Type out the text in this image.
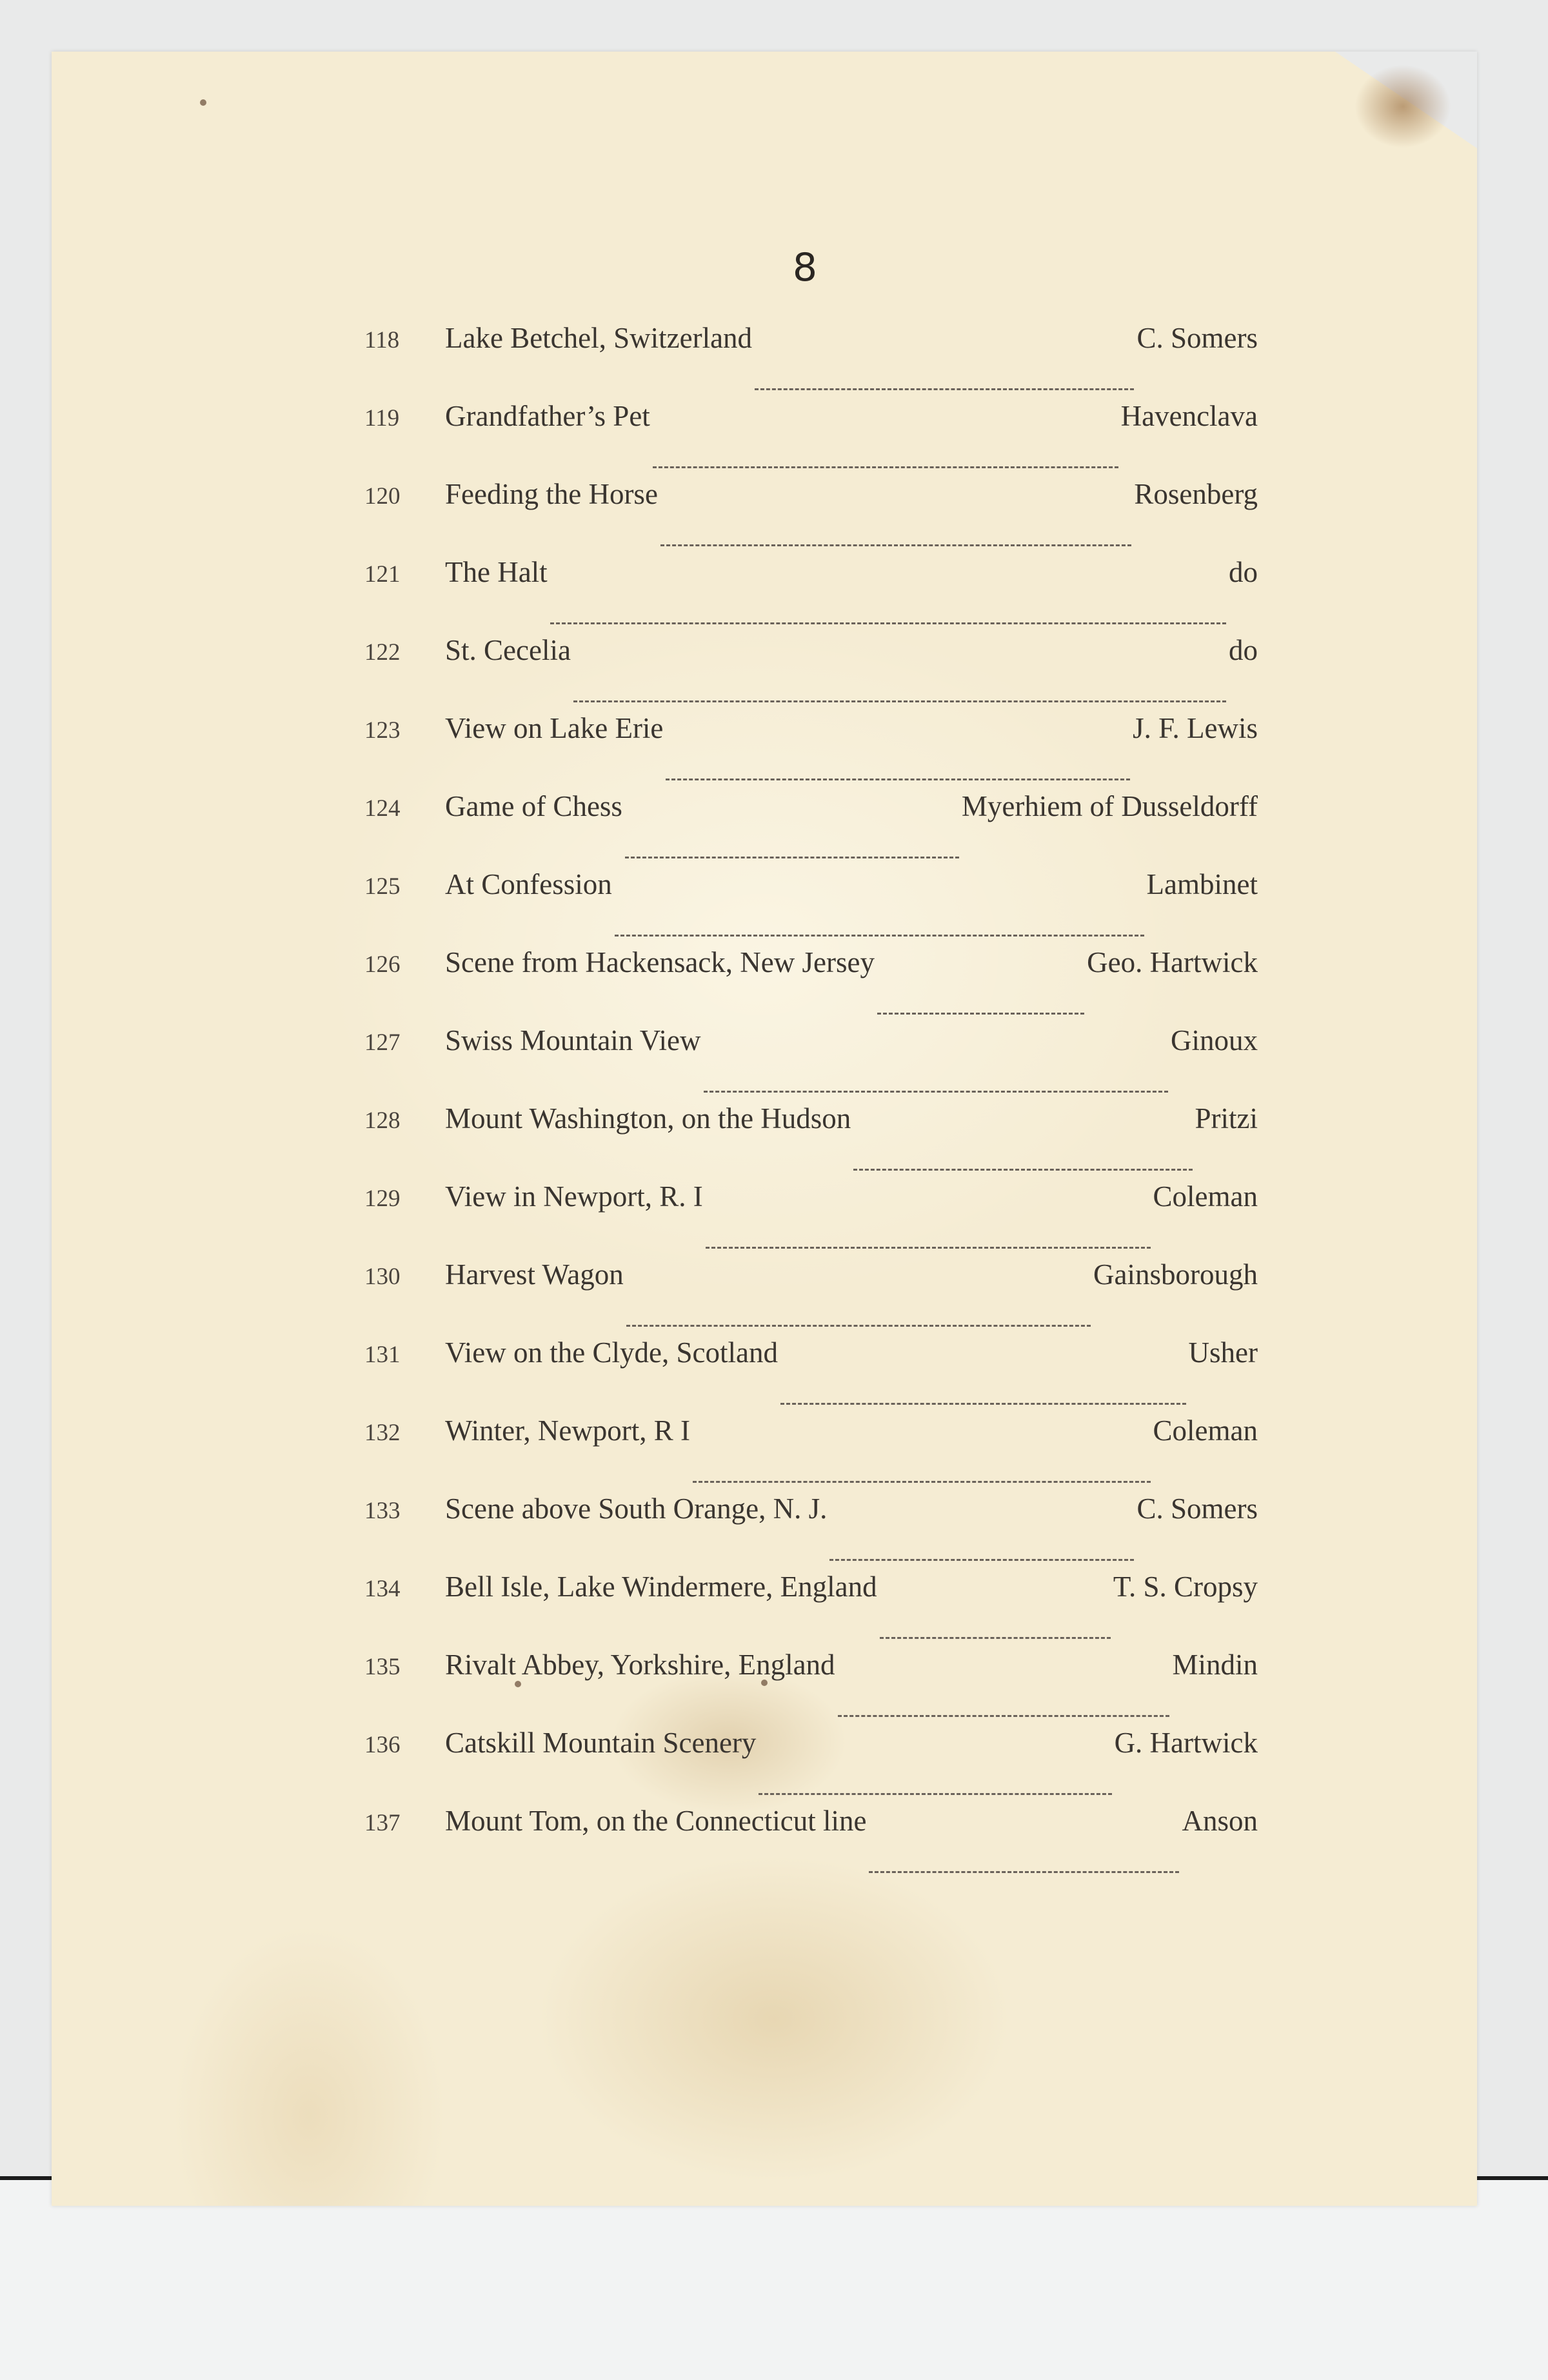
8
118	Lake Betchel, Switzerland	C. Somers
119	Grandfather’s Pet	Havenclava
120	Feeding the Horse	Rosenberg
121	The Halt	do
122	St. Cecelia	do
123	View on Lake Erie	J. F. Lewis
124	Game of Chess	Myerhiem of Dusseldorff
125	At Confession	Lambinet
126	Scene from Hackensack, New Jersey	Geo. Hartwick
127	Swiss Mountain View	Ginoux
128	Mount Washington, on the Hudson	Pritzi
129	View in Newport, R. I	Coleman
130	Harvest Wagon	Gainsborough
131	View on the Clyde, Scotland	Usher
132	Winter, Newport, R I	Coleman
133	Scene above South Orange, N. J.	C. Somers
134	Bell Isle, Lake Windermere, England	T. S. Cropsy
135	Rivalt Abbey, Yorkshire, England	Mindin
136	Catskill Mountain Scenery	G. Hartwick
137	Mount Tom, on the Connecticut line	Anson
